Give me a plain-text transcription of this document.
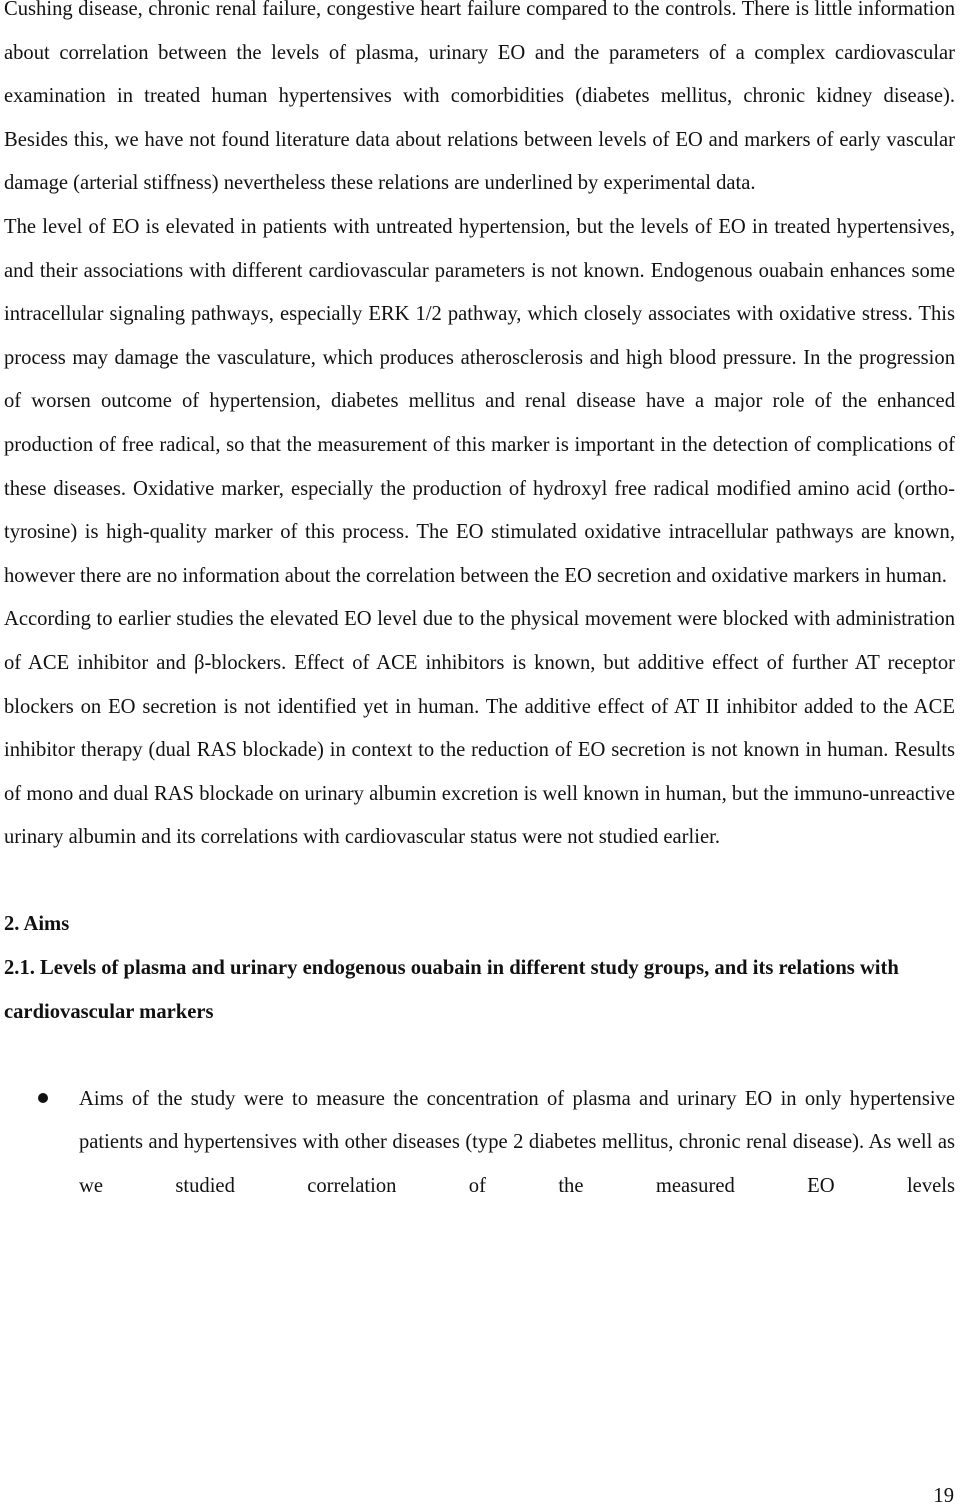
Cushing disease, chronic renal failure, congestive heart failure compared to the controls. There is little information about correlation between the levels of plasma, urinary EO and the parameters of a complex cardiovascular examination in treated human hypertensives with comorbidities (diabetes mellitus, chronic kidney disease). Besides this, we have not found literature data about relations between levels of EO and markers of early vascular damage (arterial stiffness) nevertheless these relations are underlined by experimental data.

The level of EO is elevated in patients with untreated hypertension, but the levels of EO in treated hypertensives, and their associations with different cardiovascular parameters is not known. Endogenous ouabain enhances some intracellular signaling pathways, especially ERK 1/2 pathway, which closely associates with oxidative stress. This process may damage the vasculature, which produces atherosclerosis and high blood pressure. In the progression of worsen outcome of hypertension, diabetes mellitus and renal disease have a major role of the enhanced production of free radical, so that the measurement of this marker is important in the detection of complications of these diseases. Oxidative marker, especially the production of hydroxyl free radical modified amino acid (ortho-tyrosine) is high-quality marker of this process. The EO stimulated oxidative intracellular pathways are known, however there are no information about the correlation between the EO secretion and oxidative markers in human.

According to earlier studies the elevated EO level due to the physical movement were blocked with administration of ACE inhibitor and β-blockers. Effect of ACE inhibitors is known, but additive effect of further AT receptor blockers on EO secretion is not identified yet in human. The additive effect of AT II inhibitor added to the ACE inhibitor therapy (dual RAS blockade) in context to the reduction of EO secretion is not known in human. Results of mono and dual RAS blockade on urinary albumin excretion is well known in human, but the immuno-unreactive urinary albumin and its correlations with cardiovascular status were not studied earlier.

2. Aims
2.1. Levels of plasma and urinary endogenous ouabain in different study groups, and its relations with cardiovascular markers
Aims of the study were to measure the concentration of plasma and urinary EO in only hypertensive patients and hypertensives with other diseases (type 2 diabetes mellitus, chronic renal disease). As well as we studied correlation of the measured EO levels
19
